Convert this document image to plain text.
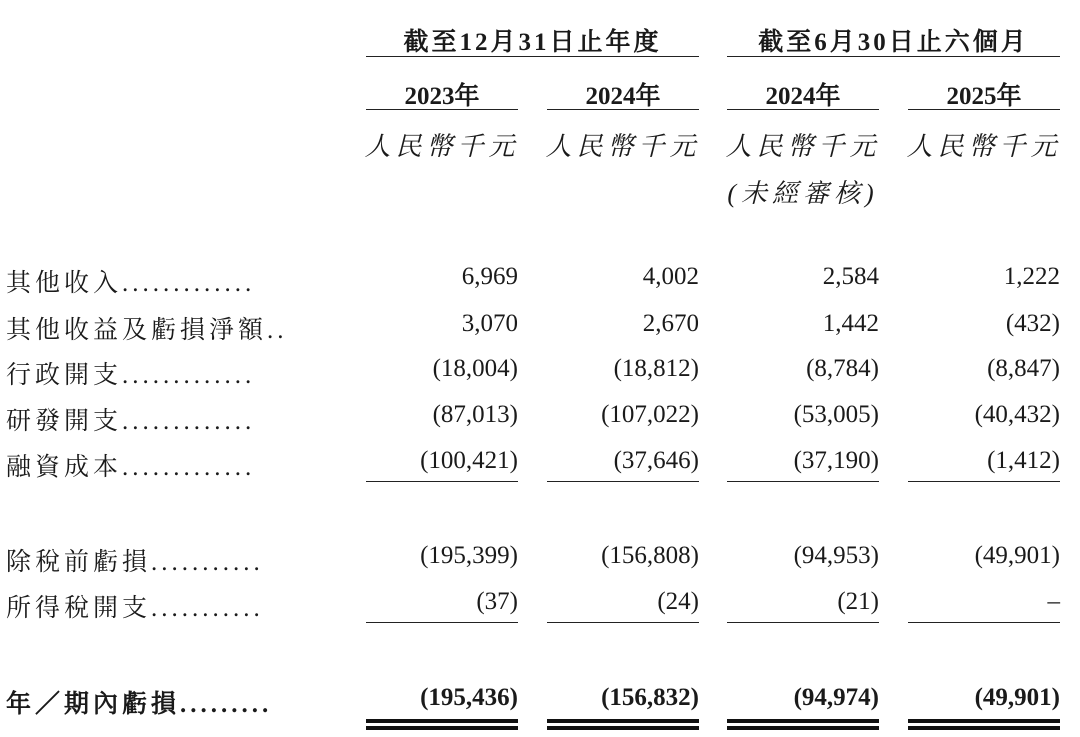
截至12月31日止年度	截至6月30日止六個月
2023年	2024年	2024年	2025年
人民幣千元 人民幣千元 人民幣千元 人民幣千元
(未經審核)
其他收入.............	6,969	4,002	2,584	1,222
其他收益及虧損淨額..	3,070	2,670	1,442	(432)
行政開支.............	(18,004)	(18,812)	(8,784)	(8,847)
研發開支.............	(87,013)	(107,022)	(53,005)	(40,432)
融資成本.............	(100,421)	(37,646)	(37,190)	(1,412)
除稅前虧損...........	(195,399)	(156,808)	(94,953)	(49,901)
所得稅開支...........	(37)	(24)	(21)	–
年／期內虧損.........	(195,436)	(156,832)	(94,974)	(49,901)
